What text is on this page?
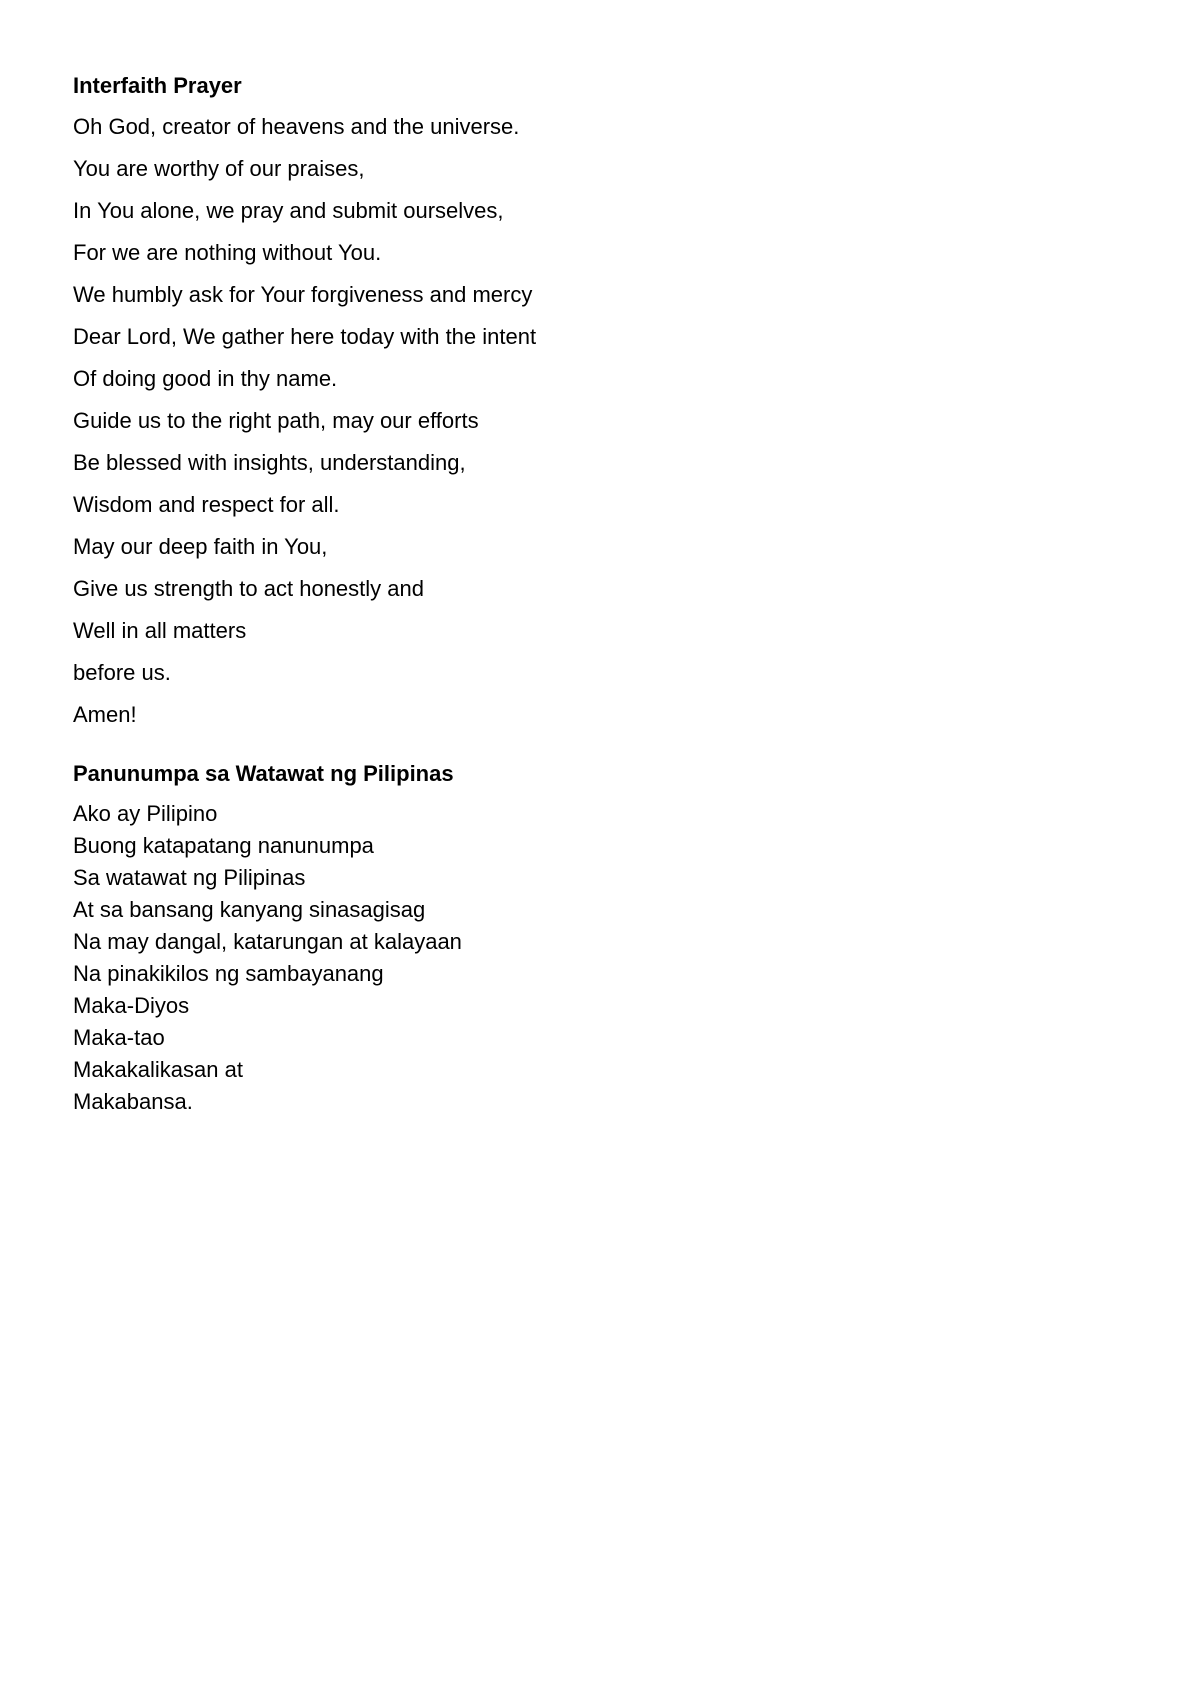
Interfaith Prayer

Oh God, creator of heavens and the universe.

You are worthy of our praises,

In You alone, we pray and submit ourselves,

For we are nothing without You.

We humbly ask for Your forgiveness and mercy

Dear Lord, We gather here today with the intent

Of doing good in thy name.

Guide us to the right path, may our efforts

Be blessed with insights, understanding,

Wisdom and respect for all.

May our deep faith in You,

Give us strength to act honestly and

Well in all matters

before us.

Amen!

Panunumpa sa Watawat ng Pilipinas

Ako ay Pilipino

Buong katapatang nanunumpa

Sa watawat ng Pilipinas

At sa bansang kanyang sinasagisag

Na may dangal, katarungan at kalayaan

Na pinakikilos ng sambayanang

Maka-Diyos

Maka-tao

Makakalikasan at

Makabansa.
